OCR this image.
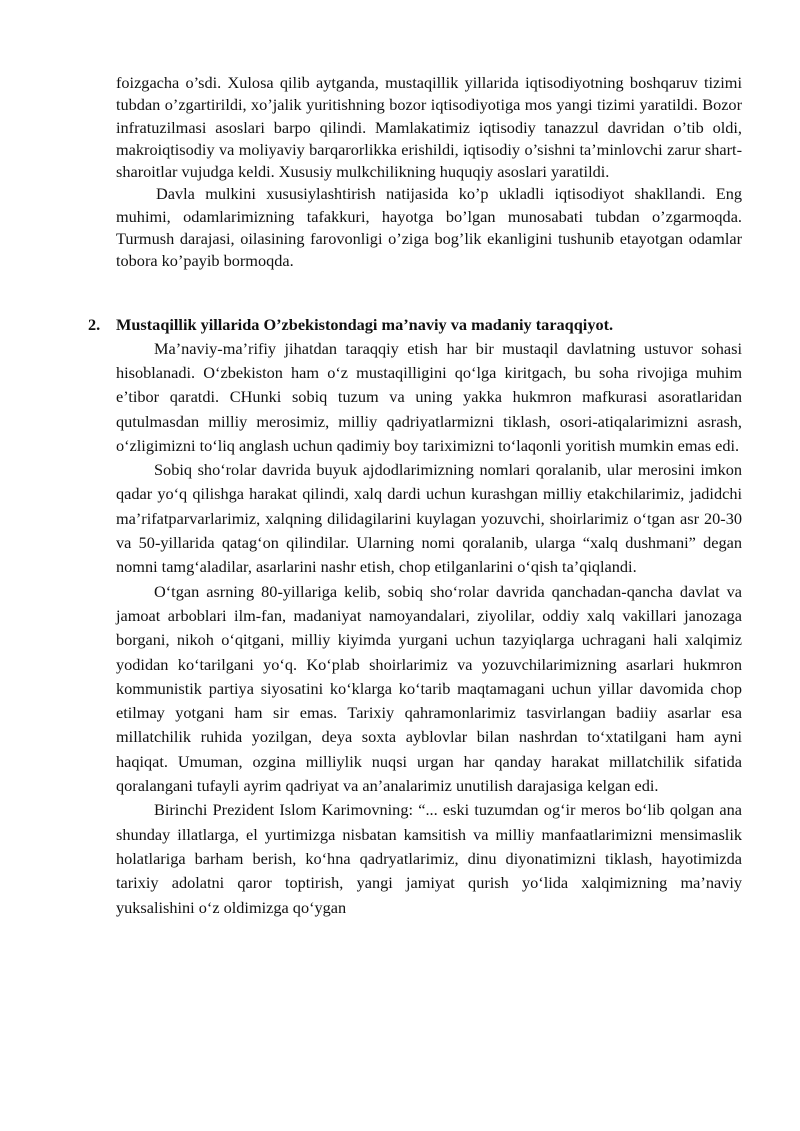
foizgacha o’sdi. Xulosa qilib aytganda, mustaqillik yillarida iqtisodiyotning boshqaruv tizimi tubdan o’zgartirildi, xo’jalik yuritishning bozor iqtisodiyotiga mos yangi tizimi yaratildi. Bozor infratuzilmasi asoslari barpo qilindi. Mamlakatimiz iqtisodiy tanazzul davridan o’tib oldi, makroiqtisodiy va moliyaviy barqarorlikka erishildi, iqtisodiy o’sishni ta’minlovchi zarur shart-sharoitlar vujudga keldi. Xususiy mulkchilikning huquqiy asoslari yaratildi.

Davla mulkini xususiylashtirish natijasida ko’p ukladli iqtisodiyot shakllandi. Eng muhimi, odamlarimizning tafakkuri, hayotga bo’lgan munosabati tubdan o’zgarmoqda. Turmush darajasi, oilasining farovonligi o’ziga bog’lik ekanligini tushunib etayotgan odamlar tobora ko’payib bormoqda.

2. Mustaqillik yillarida O’zbekistondagi ma’naviy va madaniy taraqqiyot.

Ma’naviy-ma’rifiy jihatdan taraqqiy etish har bir mustaqil davlatning ustuvor sohasi hisoblanadi. O‘zbekiston ham o‘z mustaqilligini qo‘lga kiritgach, bu soha rivojiga muhim e’tibor qaratdi. CHunki sobiq tuzum va uning yakka hukmron mafkurasi asoratlaridan qutulmasdan milliy merosimiz, milliy qadriyatlarmizni tiklash, osori-atiqalarimizni asrash, o‘zligimizni to‘liq anglash uchun qadimiy boy tariximizni to‘laqonli yoritish mumkin emas edi.

Sobiq sho‘rolar davrida buyuk ajdodlarimizning nomlari qoralanib, ular merosini imkon qadar yo‘q qilishga harakat qilindi, xalq dardi uchun kurashgan milliy etakchilarimiz, jadidchi ma’rifatparvarlarimiz, xalqning dilidagilarini kuylagan yozuvchi, shoirlarimiz o‘tgan asr 20-30 va 50-yillarida qatag‘on qilindilar. Ularning nomi qoralanib, ularga “xalq dushmani” degan nomni tamg‘aladilar, asarlarini nashr etish, chop etilganlarini o‘qish ta’qiqlandi.

O‘tgan asrning 80-yillariga kelib, sobiq sho‘rolar davrida qanchadan-qancha davlat va jamoat arboblari ilm-fan, madaniyat namoyandalari, ziyolilar, oddiy xalq vakillari janozaga borgani, nikoh o‘qitgani, milliy kiyimda yurgani uchun tazyiqlarga uchragani hali xalqimiz yodidan ko‘tarilgani yo‘q. Ko‘plab shoirlarimiz va yozuvchilarimizning asarlari hukmron kommunistik partiya siyosatini ko‘klarga ko‘tarib maqtamagani uchun yillar davomida chop etilmay yotgani ham sir emas. Tarixiy qahramonlarimiz tasvirlangan badiiy asarlar esa millatchilik ruhida yozilgan, deya soxta ayblovlar bilan nashrdan to‘xtatilgani ham ayni haqiqat. Umuman, ozgina milliylik nuqsi urgan har qanday harakat millatchilik sifatida qoralangani tufayli ayrim qadriyat va an’analarimiz unutilish darajasiga kelgan edi.

Birinchi Prezident Islom Karimovning: “... eski tuzumdan og‘ir meros bo‘lib qolgan ana shunday illatlarga, el yurtimizga nisbatan kamsitish va milliy manfaatlarimizni mensimaslik holatlariga barham berish, ko‘hna qadryatlarimiz, dinu diyonatimizni tiklash, hayotimizda tarixiy adolatni qaror toptirish, yangi jamiyat qurish yo‘lida xalqimizning ma’naviy yuksalishini o‘z oldimizga qo‘ygan
